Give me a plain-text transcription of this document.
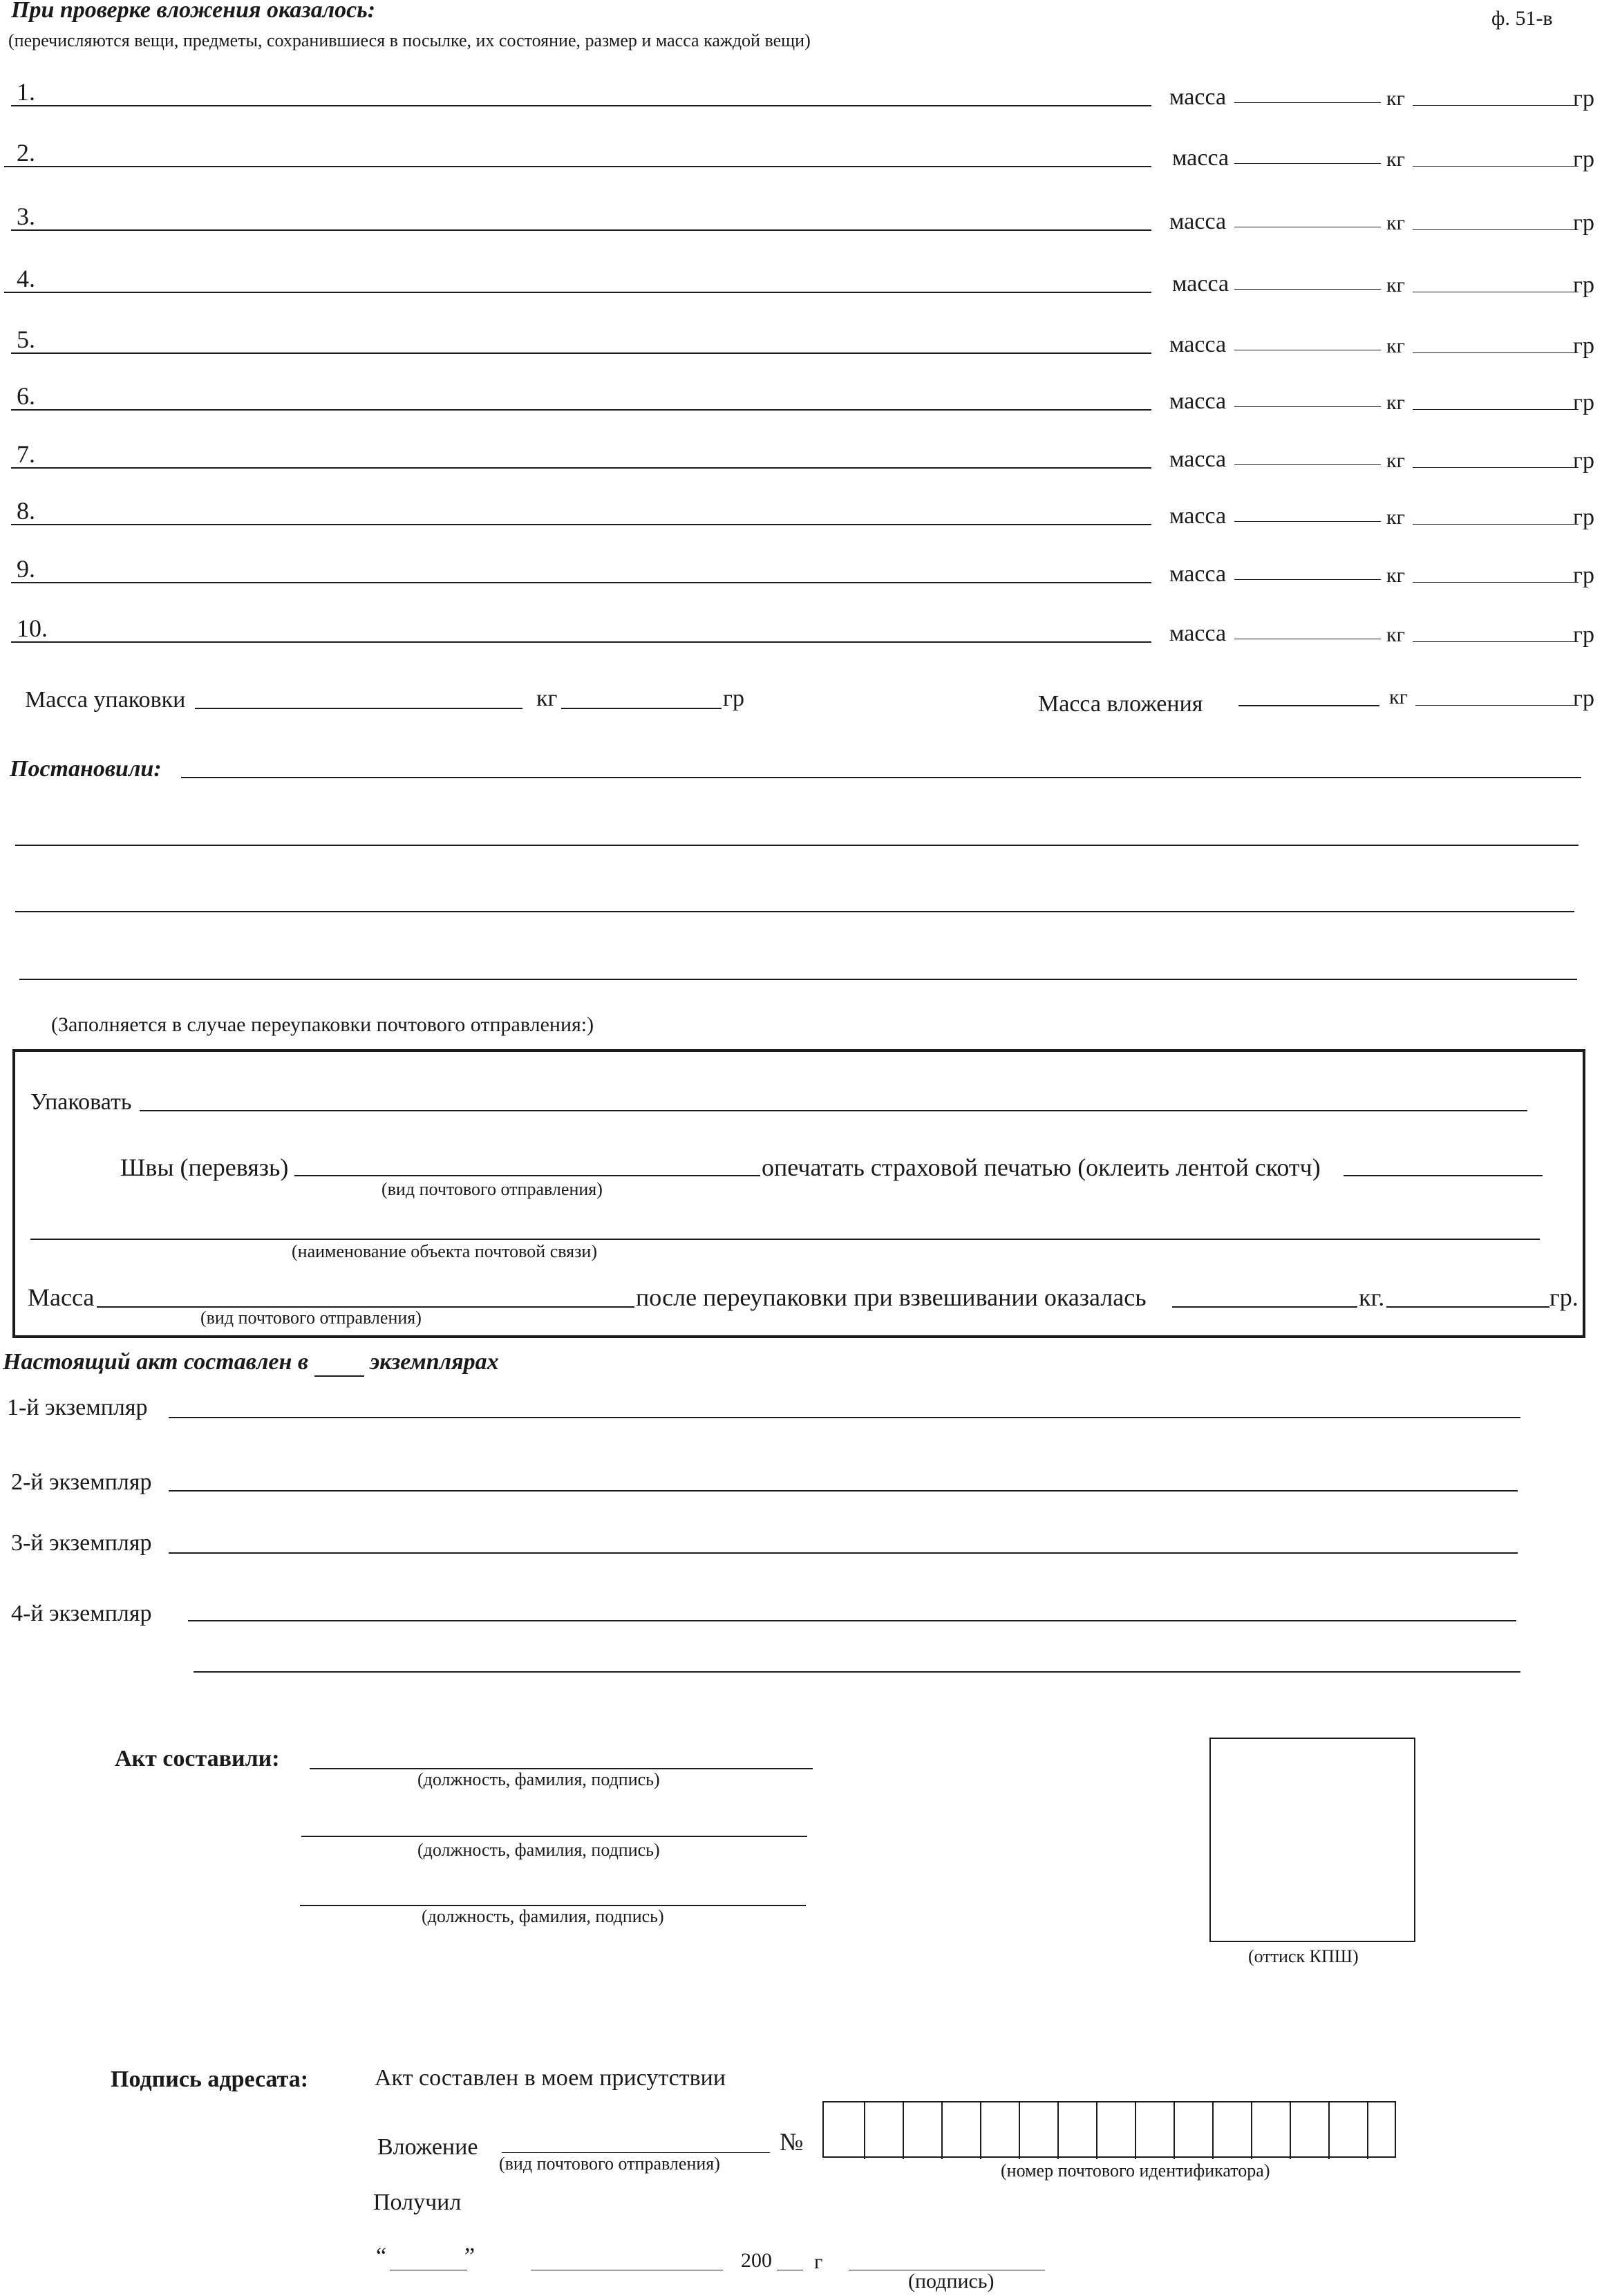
При проверке вложения оказалось:	ф. 51-в
(перечисляются вещи, предметы, сохранившиеся в посылке, их состояние, размер и масса каждой вещи)
1.	масса	кг	гр
2.	масса	кг	гр
3.	масса	кг	гр
4.	масса	кг	гр
5.	масса	кг	гр
6.	масса	кг	гр
7.	масса	кг	гр
8.	масса	кг	гр
9.	масса	кг	гр
10.	масса	кг	гр
Масса упаковки	кг	гр	Масса вложения	кг	гр
Постановили:
(Заполняется в случае переупаковки почтового отправления:)
Упаковать
Швы (перевязь)
(вид почтового отправления)
опечатать страховой печатью (оклеить лентой скотч)
(наименование объекта почтовой связи)
Масса
(вид почтового отправления)
после переупаковки при взвешивании оказалась	кг.	гр.
Настоящий акт составлен в	экземплярах
1-й экземпляр
2-й экземпляр
3-й экземпляр
4-й экземпляр
Акт составили:
(должность, фамилия, подпись)
(должность, фамилия, подпись)
(должность, фамилия, подпись)
(оттиск КПШ)
Подпись адресата:	Акт составлен в моем присутствии
Вложение
(вид почтового отправления)
№
(номер почтового идентификатора)
Получил
“	”	200 г
(подпись)
